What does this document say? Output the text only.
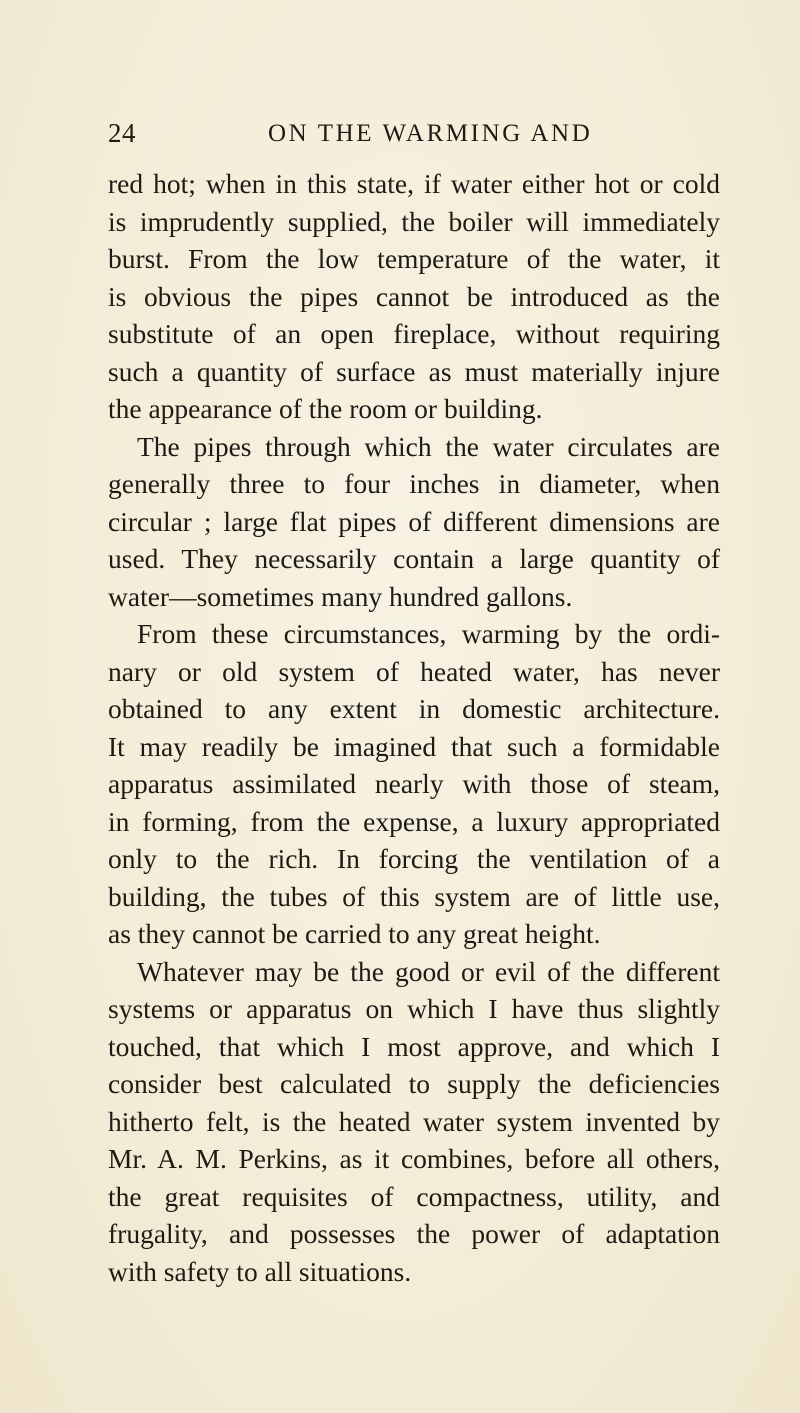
24	ON THE WARMING AND
red hot; when in this state, if water either hot or cold
is imprudently supplied, the boiler will immediately
burst. From the low temperature of the water, it
is obvious the pipes cannot be introduced as the
substitute of an open fireplace, without requiring
such a quantity of surface as must materially injure
the appearance of the room or building.
The pipes through which the water circulates are
generally three to four inches in diameter, when
circular ; large flat pipes of different dimensions are
used. They necessarily contain a large quantity of
water—sometimes many hundred gallons.
From these circumstances, warming by the ordi-
nary or old system of heated water, has never
obtained to any extent in domestic architecture.
It may readily be imagined that such a formidable
apparatus assimilated nearly with those of steam,
in forming, from the expense, a luxury appropriated
only to the rich. In forcing the ventilation of a
building, the tubes of this system are of little use,
as they cannot be carried to any great height.
Whatever may be the good or evil of the different
systems or apparatus on which I have thus slightly
touched, that which I most approve, and which I
consider best calculated to supply the deficiencies
hitherto felt, is the heated water system invented by
Mr. A. M. Perkins, as it combines, before all others,
the great requisites of compactness, utility, and
frugality, and possesses the power of adaptation
with safety to all situations.
